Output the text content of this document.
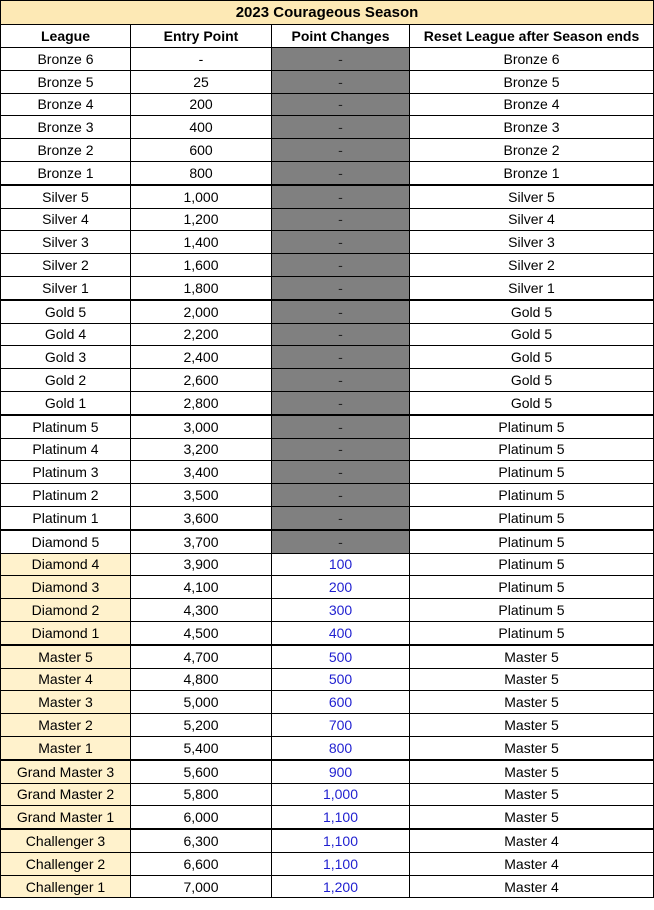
2023 Courageous Season			
League	Entry Point	Point Changes	Reset League after Season ends
Bronze 6	-	-	Bronze 6
Bronze 5	25	-	Bronze 5
Bronze 4	200	-	Bronze 4
Bronze 3	400	-	Bronze 3
Bronze 2	600	-	Bronze 2
Bronze 1	800	-	Bronze 1
Silver 5	1,000	-	Silver 5
Silver 4	1,200	-	Silver 4
Silver 3	1,400	-	Silver 3
Silver 2	1,600	-	Silver 2
Silver 1	1,800	-	Silver 1
Gold 5	2,000	-	Gold 5
Gold 4	2,200	-	Gold 5
Gold 3	2,400	-	Gold 5
Gold 2	2,600	-	Gold 5
Gold 1	2,800	-	Gold 5
Platinum 5	3,000	-	Platinum 5
Platinum 4	3,200	-	Platinum 5
Platinum 3	3,400	-	Platinum 5
Platinum 2	3,500	-	Platinum 5
Platinum 1	3,600	-	Platinum 5
Diamond 5	3,700	-	Platinum 5
Diamond 4	3,900	100	Platinum 5
Diamond 3	4,100	200	Platinum 5
Diamond 2	4,300	300	Platinum 5
Diamond 1	4,500	400	Platinum 5
Master 5	4,700	500	Master 5
Master 4	4,800	500	Master 5
Master 3	5,000	600	Master 5
Master 2	5,200	700	Master 5
Master 1	5,400	800	Master 5
Grand Master 3	5,600	900	Master 5
Grand Master 2	5,800	1,000	Master 5
Grand Master 1	6,000	1,100	Master 5
Challenger 3	6,300	1,100	Master 4
Challenger 2	6,600	1,100	Master 4
Challenger 1	7,000	1,200	Master 4
